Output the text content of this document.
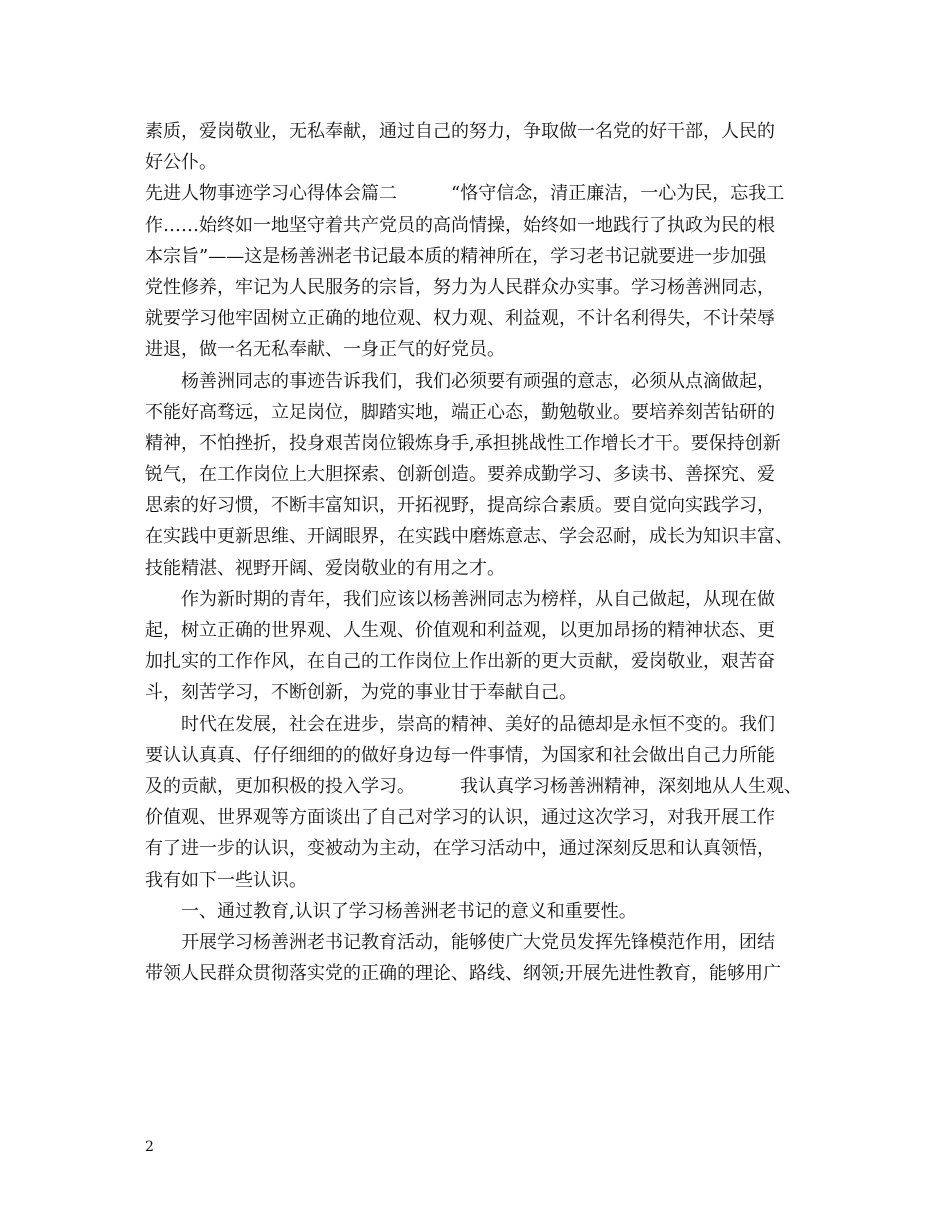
素质，爱岗敬业，无私奉献，通过自己的努力，争取做一名党的好干部，人民的
好公仆。
先进人物事迹学习心得体会篇二　　　“恪守信念，清正廉洁，一心为民，忘我工
作……始终如一地坚守着共产党员的高尚情操，始终如一地践行了执政为民的根
本宗旨”——这是杨善洲老书记最本质的精神所在，学习老书记就要进一步加强
党性修养，牢记为人民服务的宗旨，努力为人民群众办实事。学习杨善洲同志，
就要学习他牢固树立正确的地位观、权力观、利益观，不计名利得失，不计荣辱
进退，做一名无私奉献、一身正气的好党员。
杨善洲同志的事迹告诉我们，我们必须要有顽强的意志，必须从点滴做起，
不能好高骛远，立足岗位，脚踏实地，端正心态，勤勉敬业。要培养刻苦钻研的
精神，不怕挫折，投身艰苦岗位锻炼身手,承担挑战性工作增长才干。要保持创新
锐气，在工作岗位上大胆探索、创新创造。要养成勤学习、多读书、善探究、爱
思索的好习惯，不断丰富知识，开拓视野，提高综合素质。要自觉向实践学习，
在实践中更新思维、开阔眼界，在实践中磨炼意志、学会忍耐，成长为知识丰富、
技能精湛、视野开阔、爱岗敬业的有用之才。
作为新时期的青年，我们应该以杨善洲同志为榜样，从自己做起，从现在做
起，树立正确的世界观、人生观、价值观和利益观，以更加昂扬的精神状态、更
加扎实的工作作风，在自己的工作岗位上作出新的更大贡献，爱岗敬业，艰苦奋
斗，刻苦学习，不断创新，为党的事业甘于奉献自己。
时代在发展，社会在进步，崇高的精神、美好的品德却是永恒不变的。我们
要认认真真、仔仔细细的的做好身边每一件事情，为国家和社会做出自己力所能
及的贡献，更加积极的投入学习。　　　我认真学习杨善洲精神，深刻地从人生观、
价值观、世界观等方面谈出了自己对学习的认识，通过这次学习，对我开展工作
有了进一步的认识，变被动为主动，在学习活动中，通过深刻反思和认真领悟，
我有如下一些认识。
一、通过教育,认识了学习杨善洲老书记的意义和重要性。
开展学习杨善洲老书记教育活动，能够使广大党员发挥先锋模范作用，团结
带领人民群众贯彻落实党的正确的理论、路线、纲领;开展先进性教育，能够用广
2
